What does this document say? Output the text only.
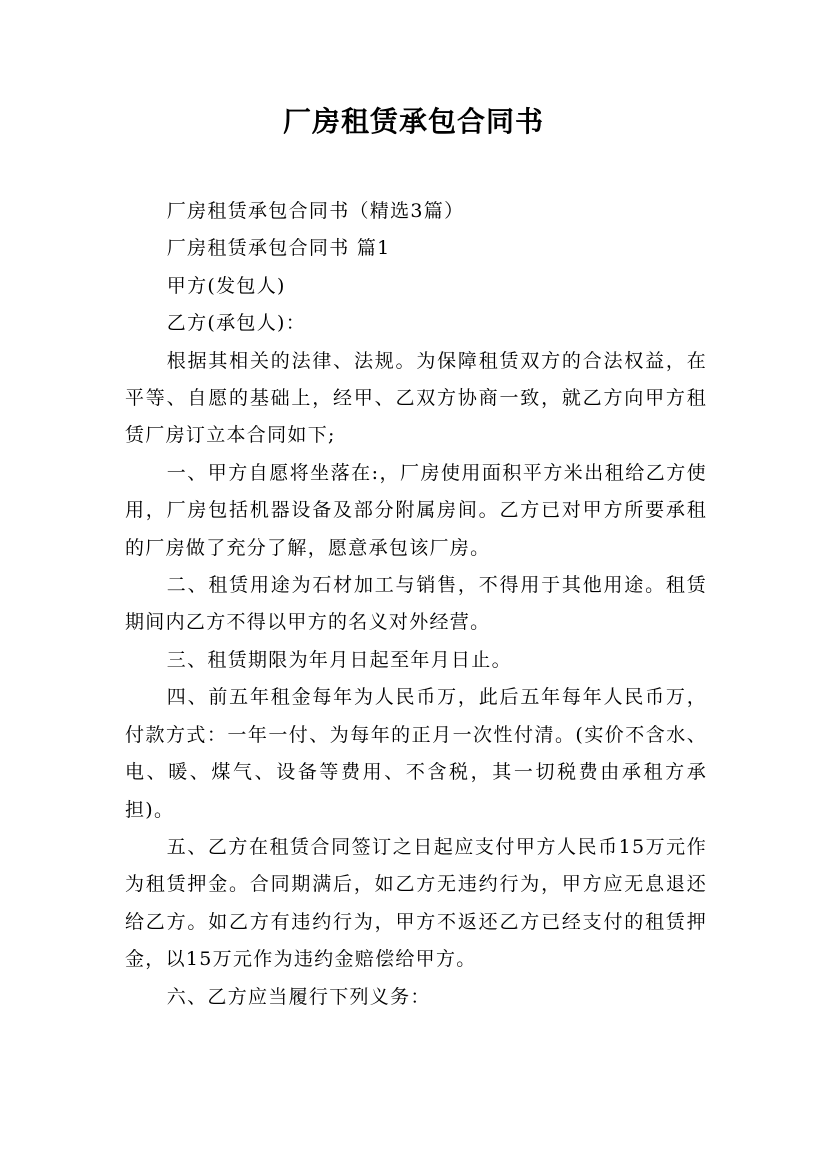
厂房租赁承包合同书

厂房租赁承包合同书（精选3篇）

厂房租赁承包合同书 篇1

甲方(发包人)

乙方(承包人)：

根据其相关的法律、法规。为保障租赁双方的合法权益，在平等、自愿的基础上，经甲、乙双方协商一致，就乙方向甲方租赁厂房订立本合同如下;

一、甲方自愿将坐落在:，厂房使用面积平方米出租给乙方使用，厂房包括机器设备及部分附属房间。乙方已对甲方所要承租的厂房做了充分了解，愿意承包该厂房。

二、租赁用途为石材加工与销售，不得用于其他用途。租赁期间内乙方不得以甲方的名义对外经营。

三、租赁期限为年月日起至年月日止。

四、前五年租金每年为人民币万，此后五年每年人民币万，付款方式：一年一付、为每年的正月一次性付清。(实价不含水、电、暖、煤气、设备等费用、不含税，其一切税费由承租方承担)。

五、乙方在租赁合同签订之日起应支付甲方人民币15万元作为租赁押金。合同期满后，如乙方无违约行为，甲方应无息退还给乙方。如乙方有违约行为，甲方不返还乙方已经支付的租赁押金，以15万元作为违约金赔偿给甲方。

六、乙方应当履行下列义务：
